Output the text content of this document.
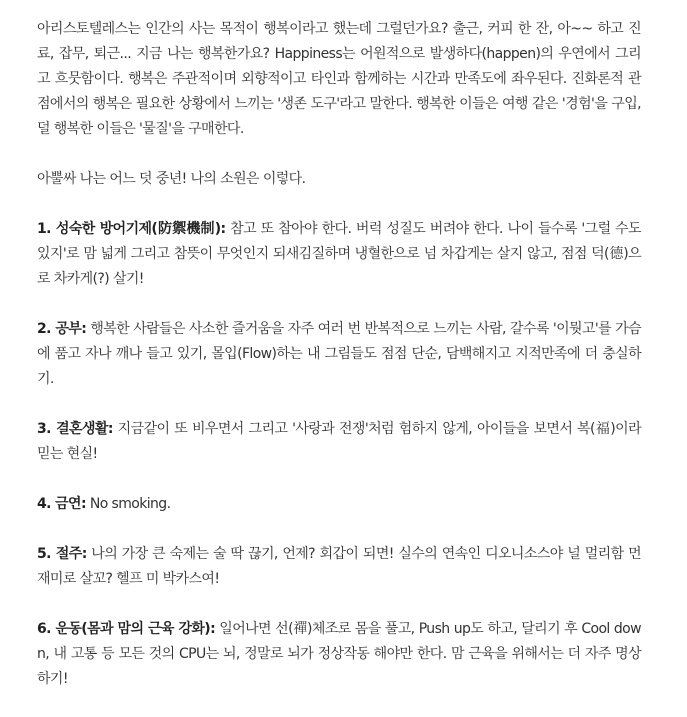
아리스토텔레스는 인간의 사는 목적이 행복이라고 했는데 그럴던가요? 출근, 커피 한 잔, 아~~ 하고 진료, 잡무, 퇴근... 지금 나는 행복한가요? Happiness는 어원적으로 발생하다(happen)의 우연에서 그리고 흐뭇함이다. 행복은 주관적이며 외향적이고 타인과 함께하는 시간과 만족도에 좌우된다. 진화론적 관점에서의 행복은 필요한 상황에서 느끼는 '생존 도구'라고 말한다. 행복한 이들은 여행 같은 '경험'을 구입, 덜 행복한 이들은 '물질'을 구매한다.

아뿔싸 나는 어느 덧 중년! 나의 소원은 이렇다.

1. 성숙한 방어기제(防禦機制): 참고 또 참아야 한다. 버럭 성질도 버려야 한다. 나이 들수록 '그럴 수도 있지'로 맘 넓게 그리고 참뜻이 무엇인지 되새김질하며 냉혈한으로 넘 차갑게는 살지 않고, 점점 덕(德)으로 차카게(?) 살기!

2. 공부: 행복한 사람들은 사소한 즐거움을 자주 여러 번 반복적으로 느끼는 사람, 갈수록 '이뭣고'를 가슴에 품고 자나 깨나 들고 있기, 몰입(Flow)하는 내 그림들도 점점 단순, 담백해지고 지적만족에 더 충실하기.

3. 결혼생활: 지금같이 또 비우면서 그리고 '사랑과 전쟁'처럼 험하지 않게, 아이들을 보면서 복(福)이라 믿는 현실!

4. 금연: No smoking.

5. 절주: 나의 가장 큰 숙제는 술 딱 끊기, 언제? 회갑이 되면! 실수의 연속인 디오니소스야 널 멀리함 먼 재미로 살꼬? 헬프 미 박카스여!

6. 운동(몸과 맘의 근육 강화): 일어나면 선(禪)체조로 몸을 풀고, Push up도 하고, 달리기 후 Cool down, 내 고통 등 모든 것의 CPU는 뇌, 정말로 뇌가 정상작동 해야만 한다. 맘 근육을 위해서는 더 자주 명상하기!
